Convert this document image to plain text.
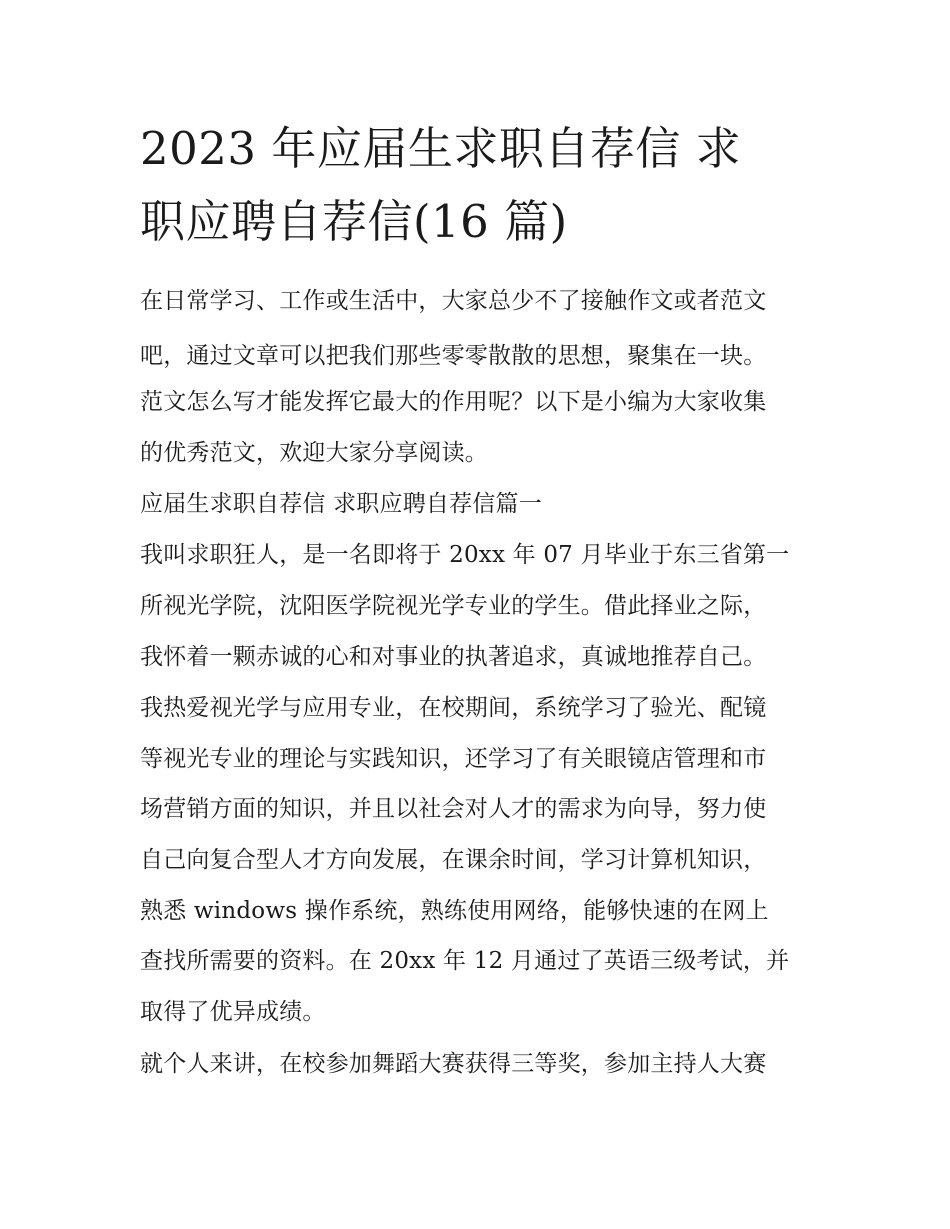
2023 年应届生求职自荐信 求
职应聘自荐信(16 篇)
在日常学习、工作或生活中，大家总少不了接触作文或者范文
吧，通过文章可以把我们那些零零散散的思想，聚集在一块。
范文怎么写才能发挥它最大的作用呢？以下是小编为大家收集
的优秀范文，欢迎大家分享阅读。
应届生求职自荐信 求职应聘自荐信篇一
我叫求职狂人，是一名即将于 20xx 年 07 月毕业于东三省第一
所视光学院，沈阳医学院视光学专业的学生。借此择业之际，
我怀着一颗赤诚的心和对事业的执著追求，真诚地推荐自己。
我热爱视光学与应用专业，在校期间，系统学习了验光、配镜
等视光专业的理论与实践知识，还学习了有关眼镜店管理和市
场营销方面的知识，并且以社会对人才的需求为向导，努力使
自己向复合型人才方向发展，在课余时间，学习计算机知识，
熟悉 windows 操作系统，熟练使用网络，能够快速的在网上
查找所需要的资料。在 20xx 年 12 月通过了英语三级考试，并
取得了优异成绩。
就个人来讲，在校参加舞蹈大赛获得三等奖，参加主持人大赛
